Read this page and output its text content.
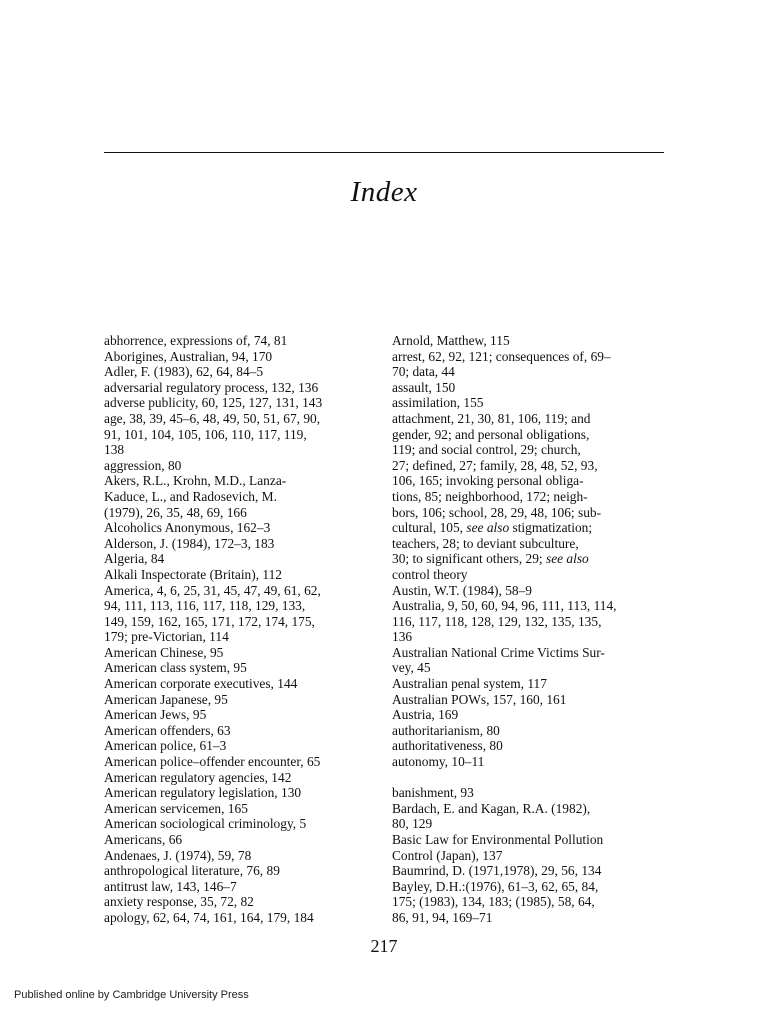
Index
abhorrence, expressions of, 74, 81
Aborigines, Australian, 94, 170
Adler, F. (1983), 62, 64, 84–5
adversarial regulatory process, 132, 136
adverse publicity, 60, 125, 127, 131, 143
age, 38, 39, 45–6, 48, 49, 50, 51, 67, 90,
91, 101, 104, 105, 106, 110, 117, 119,
138
aggression, 80
Akers, R.L., Krohn, M.D., Lanza-
Kaduce, L., and Radosevich, M.
(1979), 26, 35, 48, 69, 166
Alcoholics Anonymous, 162–3
Alderson, J. (1984), 172–3, 183
Algeria, 84
Alkali Inspectorate (Britain), 112
America, 4, 6, 25, 31, 45, 47, 49, 61, 62,
94, 111, 113, 116, 117, 118, 129, 133,
149, 159, 162, 165, 171, 172, 174, 175,
179; pre-Victorian, 114
American Chinese, 95
American class system, 95
American corporate executives, 144
American Japanese, 95
American Jews, 95
American offenders, 63
American police, 61–3
American police–offender encounter, 65
American regulatory agencies, 142
American regulatory legislation, 130
American servicemen, 165
American sociological criminology, 5
Americans, 66
Andenaes, J. (1974), 59, 78
anthropological literature, 76, 89
antitrust law, 143, 146–7
anxiety response, 35, 72, 82
apology, 62, 64, 74, 161, 164, 179, 184
Arnold, Matthew, 115
arrest, 62, 92, 121; consequences of, 69–
70; data, 44
assault, 150
assimilation, 155
attachment, 21, 30, 81, 106, 119; and
gender, 92; and personal obligations,
119; and social control, 29; church,
27; defined, 27; family, 28, 48, 52, 93,
106, 165; invoking personal obliga-
tions, 85; neighborhood, 172; neigh-
bors, 106; school, 28, 29, 48, 106; sub-
cultural, 105, see also stigmatization;
teachers, 28; to deviant subculture,
30; to significant others, 29; see also
control theory
Austin, W.T. (1984), 58–9
Australia, 9, 50, 60, 94, 96, 111, 113, 114,
116, 117, 118, 128, 129, 132, 135, 135,
136
Australian National Crime Victims Sur-
vey, 45
Australian penal system, 117
Australian POWs, 157, 160, 161
Austria, 169
authoritarianism, 80
authoritativeness, 80
autonomy, 10–11
banishment, 93
Bardach, E. and Kagan, R.A. (1982),
80, 129
Basic Law for Environmental Pollution
Control (Japan), 137
Baumrind, D. (1971,1978), 29, 56, 134
Bayley, D.H.:(1976), 61–3, 62, 65, 84,
175; (1983), 134, 183; (1985), 58, 64,
86, 91, 94, 169–71
217
Published online by Cambridge University Press
